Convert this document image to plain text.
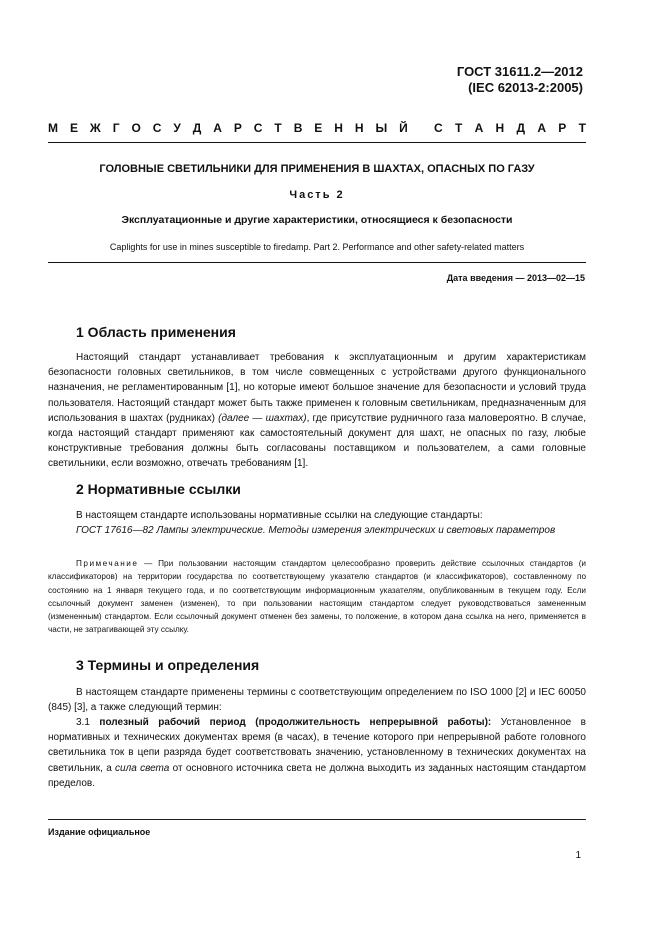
ГОСТ 31611.2—2012
(IEC 62013-2:2005)
М Е Ж Г О С У Д А Р С Т В Е Н Н Ы Й С Т А Н Д А Р Т
ГОЛОВНЫЕ СВЕТИЛЬНИКИ ДЛЯ ПРИМЕНЕНИЯ В ШАХТАХ, ОПАСНЫХ ПО ГАЗУ
Часть 2
Эксплуатационные и другие характеристики, относящиеся к безопасности
Caplights for use in mines susceptible to firedamp. Part 2. Performance and other safety-related matters
Дата введения — 2013—02—15
1 Область применения

Настоящий стандарт устанавливает требования к эксплуатационным и другим характеристикам безопасности головных светильников, в том числе совмещенных с устройствами другого функционального назначения, не регламентированным [1], но которые имеют большое значение для безопасности и условий труда пользователя. Настоящий стандарт может быть также применен к головным светильникам, предназначенным для использования в шахтах (рудниках) (далее — шахтах), где присутствие рудничного газа маловероятно. В случае, когда настоящий стандарт применяют как самостоятельный документ для шахт, не опасных по газу, любые конструктивные требования должны быть согласованы поставщиком и пользователем, а сами головные светильники, если возможно, отвечать требованиям [1].

2 Нормативные ссылки

В настоящем стандарте использованы нормативные ссылки на следующие стандарты:

ГОСТ 17616—82 Лампы электрические. Методы измерения электрических и световых параметров

Примечание — При пользовании настоящим стандартом целесообразно проверить действие ссылочных стандартов (и классификаторов) на территории государства по соответствующему указателю стандартов (и классификаторов), составленному по состоянию на 1 января текущего года, и по соответствующим информационным указателям, опубликованным в текущем году. Если ссылочный документ заменен (изменен), то при пользовании настоящим стандартом следует руководствоваться замененным (измененным) стандартом. Если ссылочный документ отменен без замены, то положение, в котором дана ссылка на него, применяется в части, не затрагивающей эту ссылку.

3 Термины и определения

В настоящем стандарте применены термины с соответствующим определением по ISO 1000 [2] и IEC 60050 (845) [3], а также следующий термин:

3.1 полезный рабочий период (продолжительность непрерывной работы): Установленное в нормативных и технических документах время (в часах), в течение которого при непрерывной работе головного светильника ток в цепи разряда будет соответствовать значению, установленному в технических документах на светильник, а сила света от основного источника света не должна выходить из заданных настоящим стандартом пределов.

Издание официальное
1
